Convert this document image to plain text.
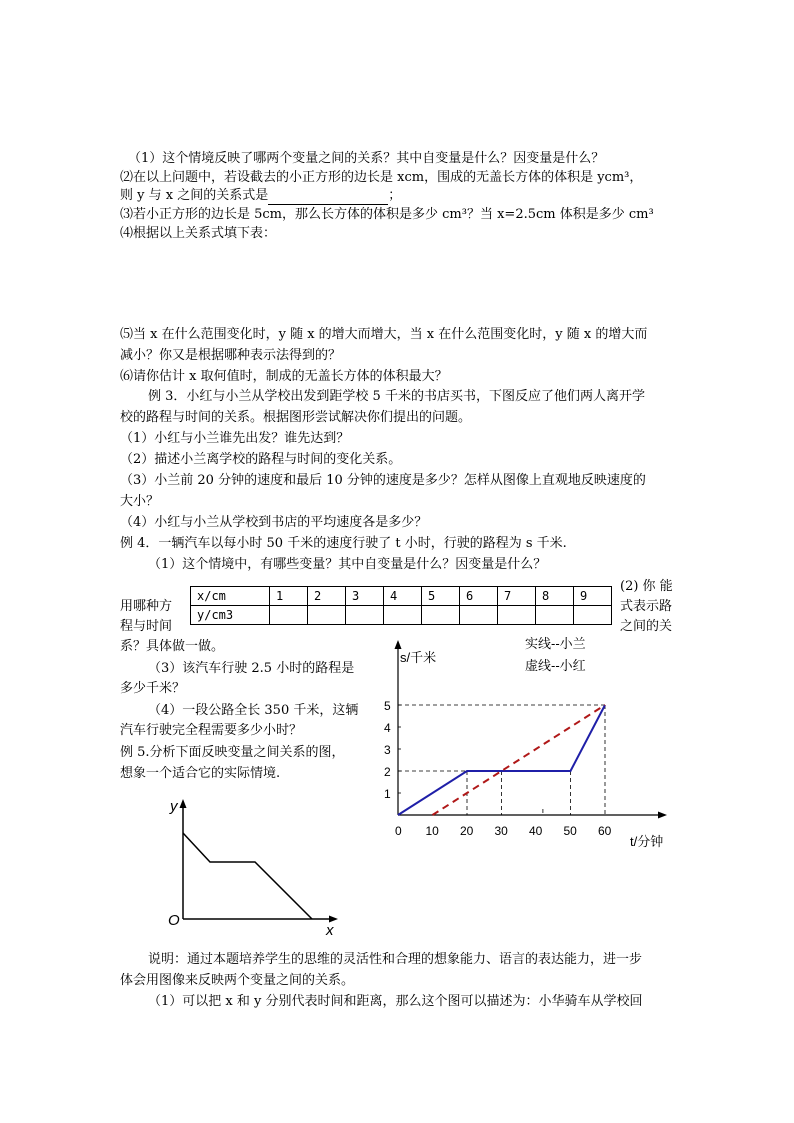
（1）这个情境反映了哪两个变量之间的关系？其中自变量是什么？因变量是什么？
⑵在以上问题中，若设截去的小正方形的边长是 xcm，围成的无盖长方体的体积是 ycm³，
则 y 与 x 之间的关系式是	；
⑶若小正方形的边长是 5cm，那么长方体的体积是多少 cm³？当 x=2.5cm 体积是多少 cm³
⑷根据以上关系式填下表：
⑸当 x 在什么范围变化时，y 随 x 的增大而增大，当 x 在什么范围变化时，y 随 x 的增大而
减小？你又是根据哪种表示法得到的？
⑹请你估计 x 取何值时，制成的无盖长方体的体积最大？
例 3．小红与小兰从学校出发到距学校 5 千米的书店买书，下图反应了他们两人离开学
校的路程与时间的关系。根据图形尝试解决你们提出的问题。
（1）小红与小兰谁先出发？谁先达到？
（2）描述小兰离学校的路程与时间的变化关系。
（3）小兰前 20 分钟的速度和最后 10 分钟的速度是多少？怎样从图像上直观地反映速度的
大小？
（4）小红与小兰从学校到书店的平均速度各是多少？
例 4．一辆汽车以每小时 50 千米的速度行驶了 t 小时，行驶的路程为 s 千米.
（1）这个情境中，有哪些变量？其中自变量是什么？因变量是什么？
(2) 你 能
式表示路
之间的关
用哪种方
程与时间
系？具体做一做。
x/cm	1	2	3	4	5	6	7	8	9
y/cm3									
（3）该汽车行驶 2.5 小时的路程是
多少千米？
（4）一段公路全长 350 千米，这辆
汽车行驶完全程需要多少小时？
例 5.分析下面反映变量之间关系的图，
想象一个适合它的实际情境.
1
2
3
4
5
0 10 20 30 40 50 60
s/千米
t/分钟
实线--小兰
虚线--小红
y
x
O
说明：通过本题培养学生的思维的灵活性和合理的想象能力、语言的表达能力，进一步
体会用图像来反映两个变量之间的关系。
（1）可以把 x 和 y 分别代表时间和距离，那么这个图可以描述为：小华骑车从学校回
